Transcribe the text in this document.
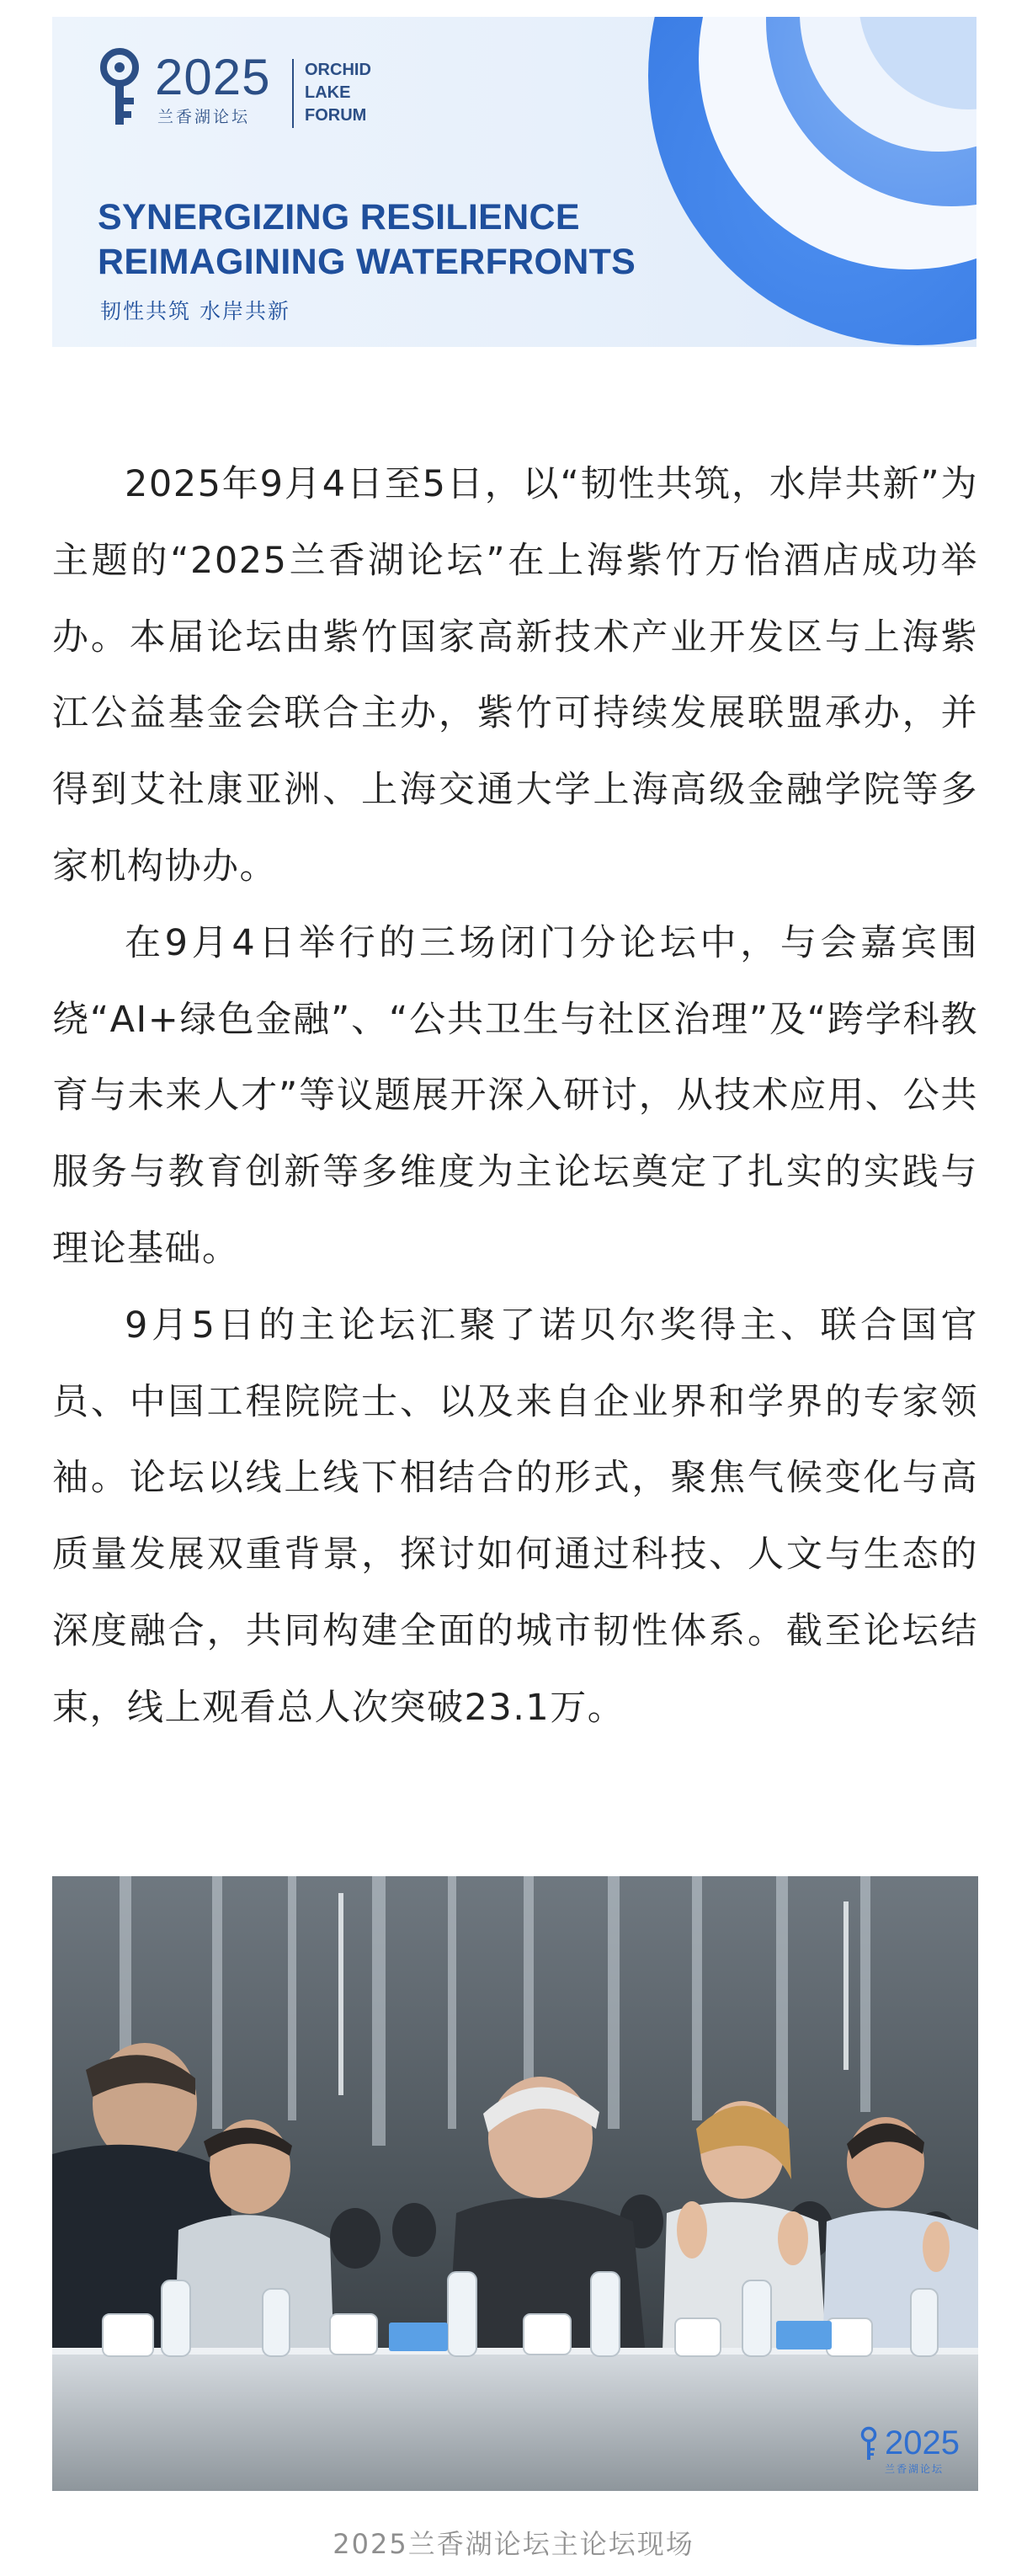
2025
兰香湖论坛
ORCHID
LAKE
FORUM
SYNERGIZING RESILIENCE
REIMAGINING WATERFRONTS
韧性共筑 水岸共新

2025年9月4日至5日，以“韧性共筑，水岸共新”为主题的“2025兰香湖论坛”在上海紫竹万怡酒店成功举办。本届论坛由紫竹国家高新技术产业开发区与上海紫江公益基金会联合主办，紫竹可持续发展联盟承办，并得到艾社康亚洲、上海交通大学上海高级金融学院等多家机构协办。

在9月4日举行的三场闭门分论坛中，与会嘉宾围绕“AI+绿色金融”、“公共卫生与社区治理”及“跨学科教育与未来人才”等议题展开深入研讨，从技术应用、公共服务与教育创新等多维度为主论坛奠定了扎实的实践与理论基础。

9月5日的主论坛汇聚了诺贝尔奖得主、联合国官员、中国工程院院士、以及来自企业界和学界的专家领袖。论坛以线上线下相结合的形式，聚焦气候变化与高质量发展双重背景，探讨如何通过科技、人文与生态的深度融合，共同构建全面的城市韧性体系。截至论坛结束，线上观看总人次突破23.1万。

2025
兰香湖论坛
2025兰香湖论坛主论坛现场
